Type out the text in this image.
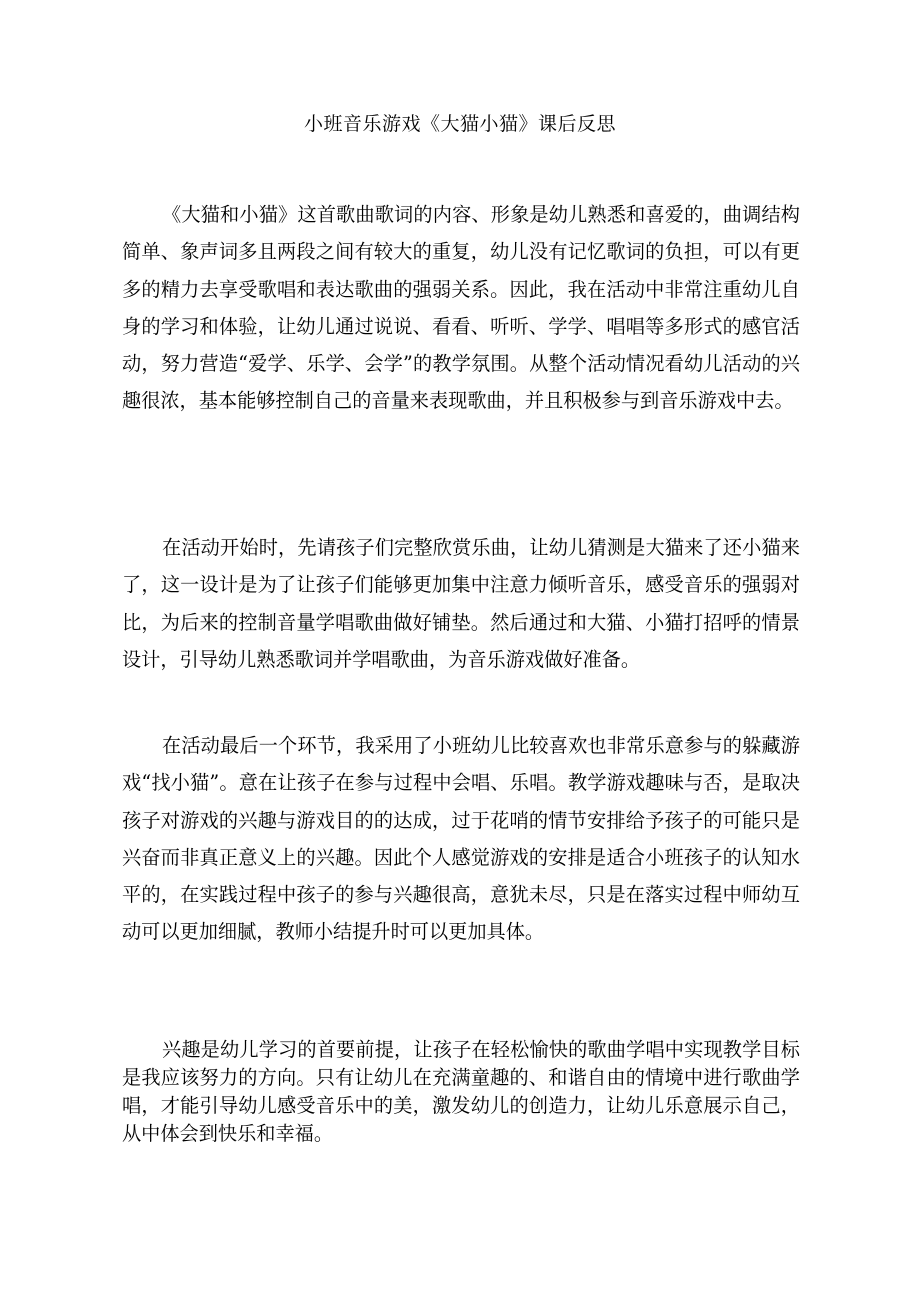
小班音乐游戏《大猫小猫》课后反思

《大猫和小猫》这首歌曲歌词的内容、形象是幼儿熟悉和喜爱的，曲调结构简单、象声词多且两段之间有较大的重复，幼儿没有记忆歌词的负担，可以有更多的精力去享受歌唱和表达歌曲的强弱关系。因此，我在活动中非常注重幼儿自身的学习和体验，让幼儿通过说说、看看、听听、学学、唱唱等多形式的感官活动，努力营造“爱学、乐学、会学”的教学氛围。从整个活动情况看幼儿活动的兴趣很浓，基本能够控制自己的音量来表现歌曲，并且积极参与到音乐游戏中去。

在活动开始时，先请孩子们完整欣赏乐曲，让幼儿猜测是大猫来了还小猫来了，这一设计是为了让孩子们能够更加集中注意力倾听音乐，感受音乐的强弱对比，为后来的控制音量学唱歌曲做好铺垫。然后通过和大猫、小猫打招呼的情景设计，引导幼儿熟悉歌词并学唱歌曲，为音乐游戏做好准备。

在活动最后一个环节，我采用了小班幼儿比较喜欢也非常乐意参与的躲藏游戏“找小猫”。意在让孩子在参与过程中会唱、乐唱。教学游戏趣味与否，是取决孩子对游戏的兴趣与游戏目的的达成，过于花哨的情节安排给予孩子的可能只是兴奋而非真正意义上的兴趣。因此个人感觉游戏的安排是适合小班孩子的认知水平的，在实践过程中孩子的参与兴趣很高，意犹未尽，只是在落实过程中师幼互动可以更加细腻，教师小结提升时可以更加具体。

兴趣是幼儿学习的首要前提，让孩子在轻松愉快的歌曲学唱中实现教学目标是我应该努力的方向。只有让幼儿在充满童趣的、和谐自由的情境中进行歌曲学唱，才能引导幼儿感受音乐中的美，激发幼儿的创造力，让幼儿乐意展示自己，从中体会到快乐和幸福。
